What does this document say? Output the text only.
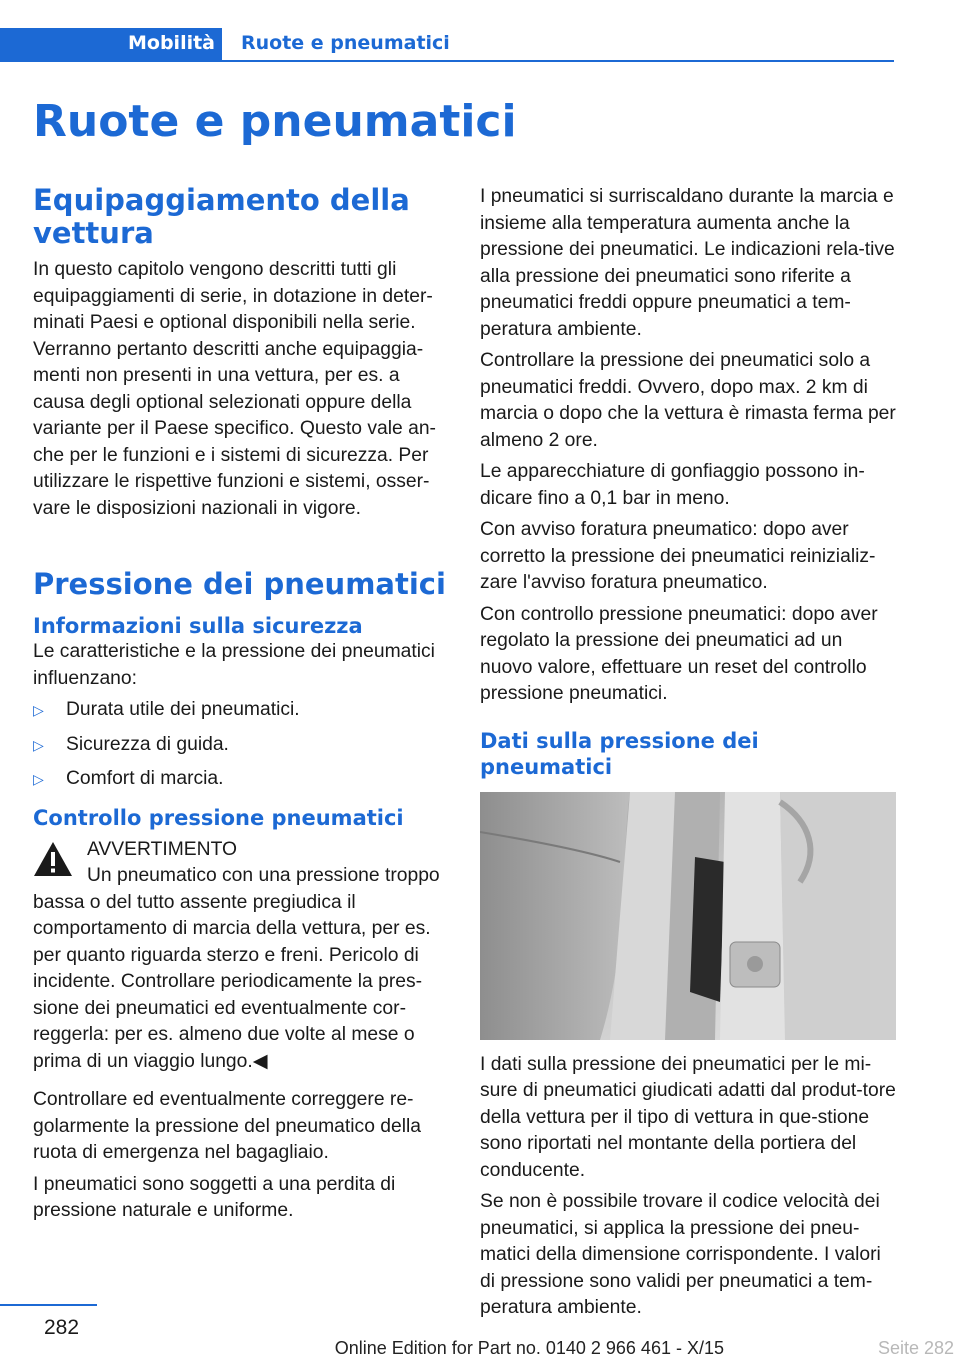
Mobilità	Ruote e pneumatici
Ruote e pneumatici
Equipaggiamento della vettura

In questo capitolo vengono descritti tutti gli equipaggiamenti di serie, in dotazione in deter-minati Paesi e optional disponibili nella serie. Verranno pertanto descritti anche equipaggia-menti non presenti in una vettura, per es. a causa degli optional selezionati oppure della variante per il Paese specifico. Questo vale an-che per le funzioni e i sistemi di sicurezza. Per utilizzare le rispettive funzioni e sistemi, osser-vare le disposizioni nazionali in vigore.

Pressione dei pneumatici
Informazioni sulla sicurezza

Le caratteristiche e la pressione dei pneumatici influenzano:

▷ Durata utile dei pneumatici.
▷ Sicurezza di guida.
▷ Comfort di marcia.
Controllo pressione pneumatici

AVVERTIMENTO

Un pneumatico con una pressione troppo bassa o del tutto assente pregiudica il comportamento di marcia della vettura, per es. per quanto riguarda sterzo e freni. Pericolo di incidente. Controllare periodicamente la pres-sione dei pneumatici ed eventualmente cor-reggerla: per es. almeno due volte al mese o prima di un viaggio lungo.◀

Controllare ed eventualmente correggere re-golarmente la pressione del pneumatico della ruota di emergenza nel bagagliaio.

I pneumatici sono soggetti a una perdita di pressione naturale e uniforme.

I pneumatici si surriscaldano durante la marcia e insieme alla temperatura aumenta anche la pressione dei pneumatici. Le indicazioni rela-tive alla pressione dei pneumatici sono riferite a pneumatici freddi oppure pneumatici a tem-peratura ambiente.

Controllare la pressione dei pneumatici solo a pneumatici freddi. Ovvero, dopo max. 2 km di marcia o dopo che la vettura è rimasta ferma per almeno 2 ore.

Le apparecchiature di gonfiaggio possono in-dicare fino a 0,1 bar in meno.

Con avviso foratura pneumatico: dopo aver corretto la pressione dei pneumatici reinizializ-zare l'avviso foratura pneumatico.

Con controllo pressione pneumatici: dopo aver regolato la pressione dei pneumatici ad un nuovo valore, effettuare un reset del controllo pressione pneumatici.

Dati sulla pressione dei pneumatici

I dati sulla pressione dei pneumatici per le mi-sure di pneumatici giudicati adatti dal produt-tore della vettura per il tipo di vettura in que-stione sono riportati nel montante della portiera del conducente.

Se non è possibile trovare il codice velocità dei pneumatici, si applica la pressione dei pneu-matici della dimensione corrispondente. I valori di pressione sono validi per pneumatici a tem-peratura ambiente.

282
Online Edition for Part no. 0140 2 966 461 - X/15	Seite 282
